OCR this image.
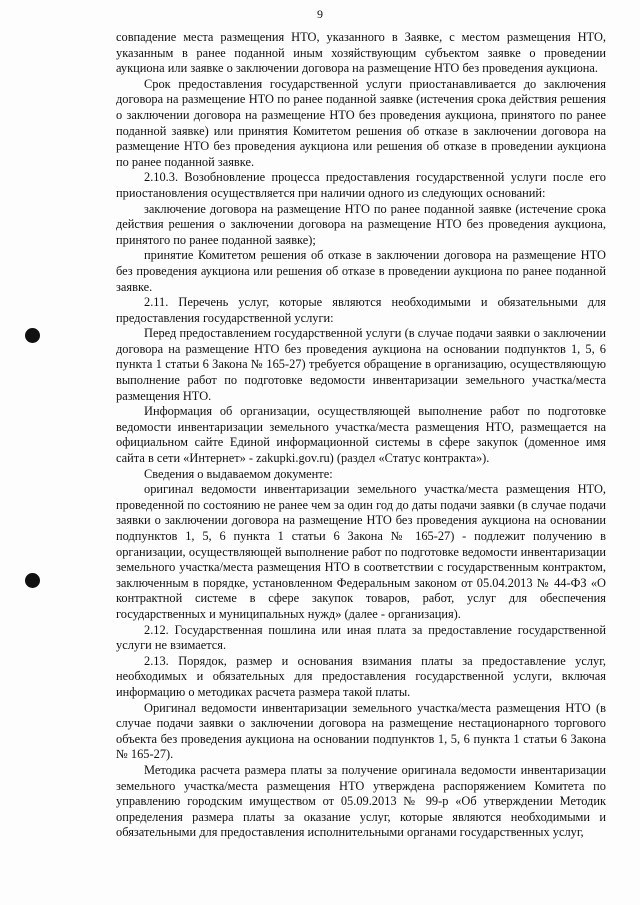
9

совпадение места размещения НТО, указанного в Заявке, с местом размещения НТО, указанным в ранее поданной иным хозяйствующим субъектом заявке о проведении аукциона или заявке о заключении договора на размещение НТО без проведения аукциона.

Срок предоставления государственной услуги приостанавливается до заключения договора на размещение НТО по ранее поданной заявке (истечения срока действия решения о заключении договора на размещение НТО без проведения аукциона, принятого по ранее поданной заявке) или принятия Комитетом решения об отказе в заключении договора на размещение НТО без проведения аукциона или решения об отказе в проведении аукциона по ранее поданной заявке.

2.10.3. Возобновление процесса предоставления государственной услуги после его приостановления осуществляется при наличии одного из следующих оснований:

заключение договора на размещение НТО по ранее поданной заявке (истечение срока действия решения о заключении договора на размещение НТО без проведения аукциона, принятого по ранее поданной заявке);

принятие Комитетом решения об отказе в заключении договора на размещение НТО без проведения аукциона или решения об отказе в проведении аукциона по ранее поданной заявке.

2.11. Перечень услуг, которые являются необходимыми и обязательными для предоставления государственной услуги:

Перед предоставлением государственной услуги (в случае подачи заявки о заключении договора на размещение НТО без проведения аукциона на основании подпунктов 1, 5, 6 пункта 1 статьи 6 Закона № 165-27) требуется обращение в организацию, осуществляющую выполнение работ по подготовке ведомости инвентаризации земельного участка/места размещения НТО.

Информация об организации, осуществляющей выполнение работ по подготовке ведомости инвентаризации земельного участка/места размещения НТО, размещается на официальном сайте Единой информационной системы в сфере закупок (доменное имя сайта в сети «Интернет» - zakupki.gov.ru) (раздел «Статус контракта»).

Сведения о выдаваемом документе:

оригинал ведомости инвентаризации земельного участка/места размещения НТО, проведенной по состоянию не ранее чем за один год до даты подачи заявки (в случае подачи заявки о заключении договора на размещение НТО без проведения аукциона на основании подпунктов 1, 5, 6 пункта 1 статьи 6 Закона № 165-27) - подлежит получению в организации, осуществляющей выполнение работ по подготовке ведомости инвентаризации земельного участка/места размещения НТО в соответствии с государственным контрактом, заключенным в порядке, установленном Федеральным законом от 05.04.2013 № 44-ФЗ «О контрактной системе в сфере закупок товаров, работ, услуг для обеспечения государственных и муниципальных нужд» (далее - организация).

2.12. Государственная пошлина или иная плата за предоставление государственной услуги не взимается.

2.13. Порядок, размер и основания взимания платы за предоставление услуг, необходимых и обязательных для предоставления государственной услуги, включая информацию о методиках расчета размера такой платы.

Оригинал ведомости инвентаризации земельного участка/места размещения НТО (в случае подачи заявки о заключении договора на размещение нестационарного торгового объекта без проведения аукциона на основании подпунктов 1, 5, 6 пункта 1 статьи 6 Закона № 165-27).

Методика расчета размера платы за получение оригинала ведомости инвентаризации земельного участка/места размещения НТО утверждена распоряжением Комитета по управлению городским имуществом от 05.09.2013 № 99-р «Об утверждении Методик определения размера платы за оказание услуг, которые являются необходимыми и обязательными для предоставления исполнительными органами государственных услуг,
